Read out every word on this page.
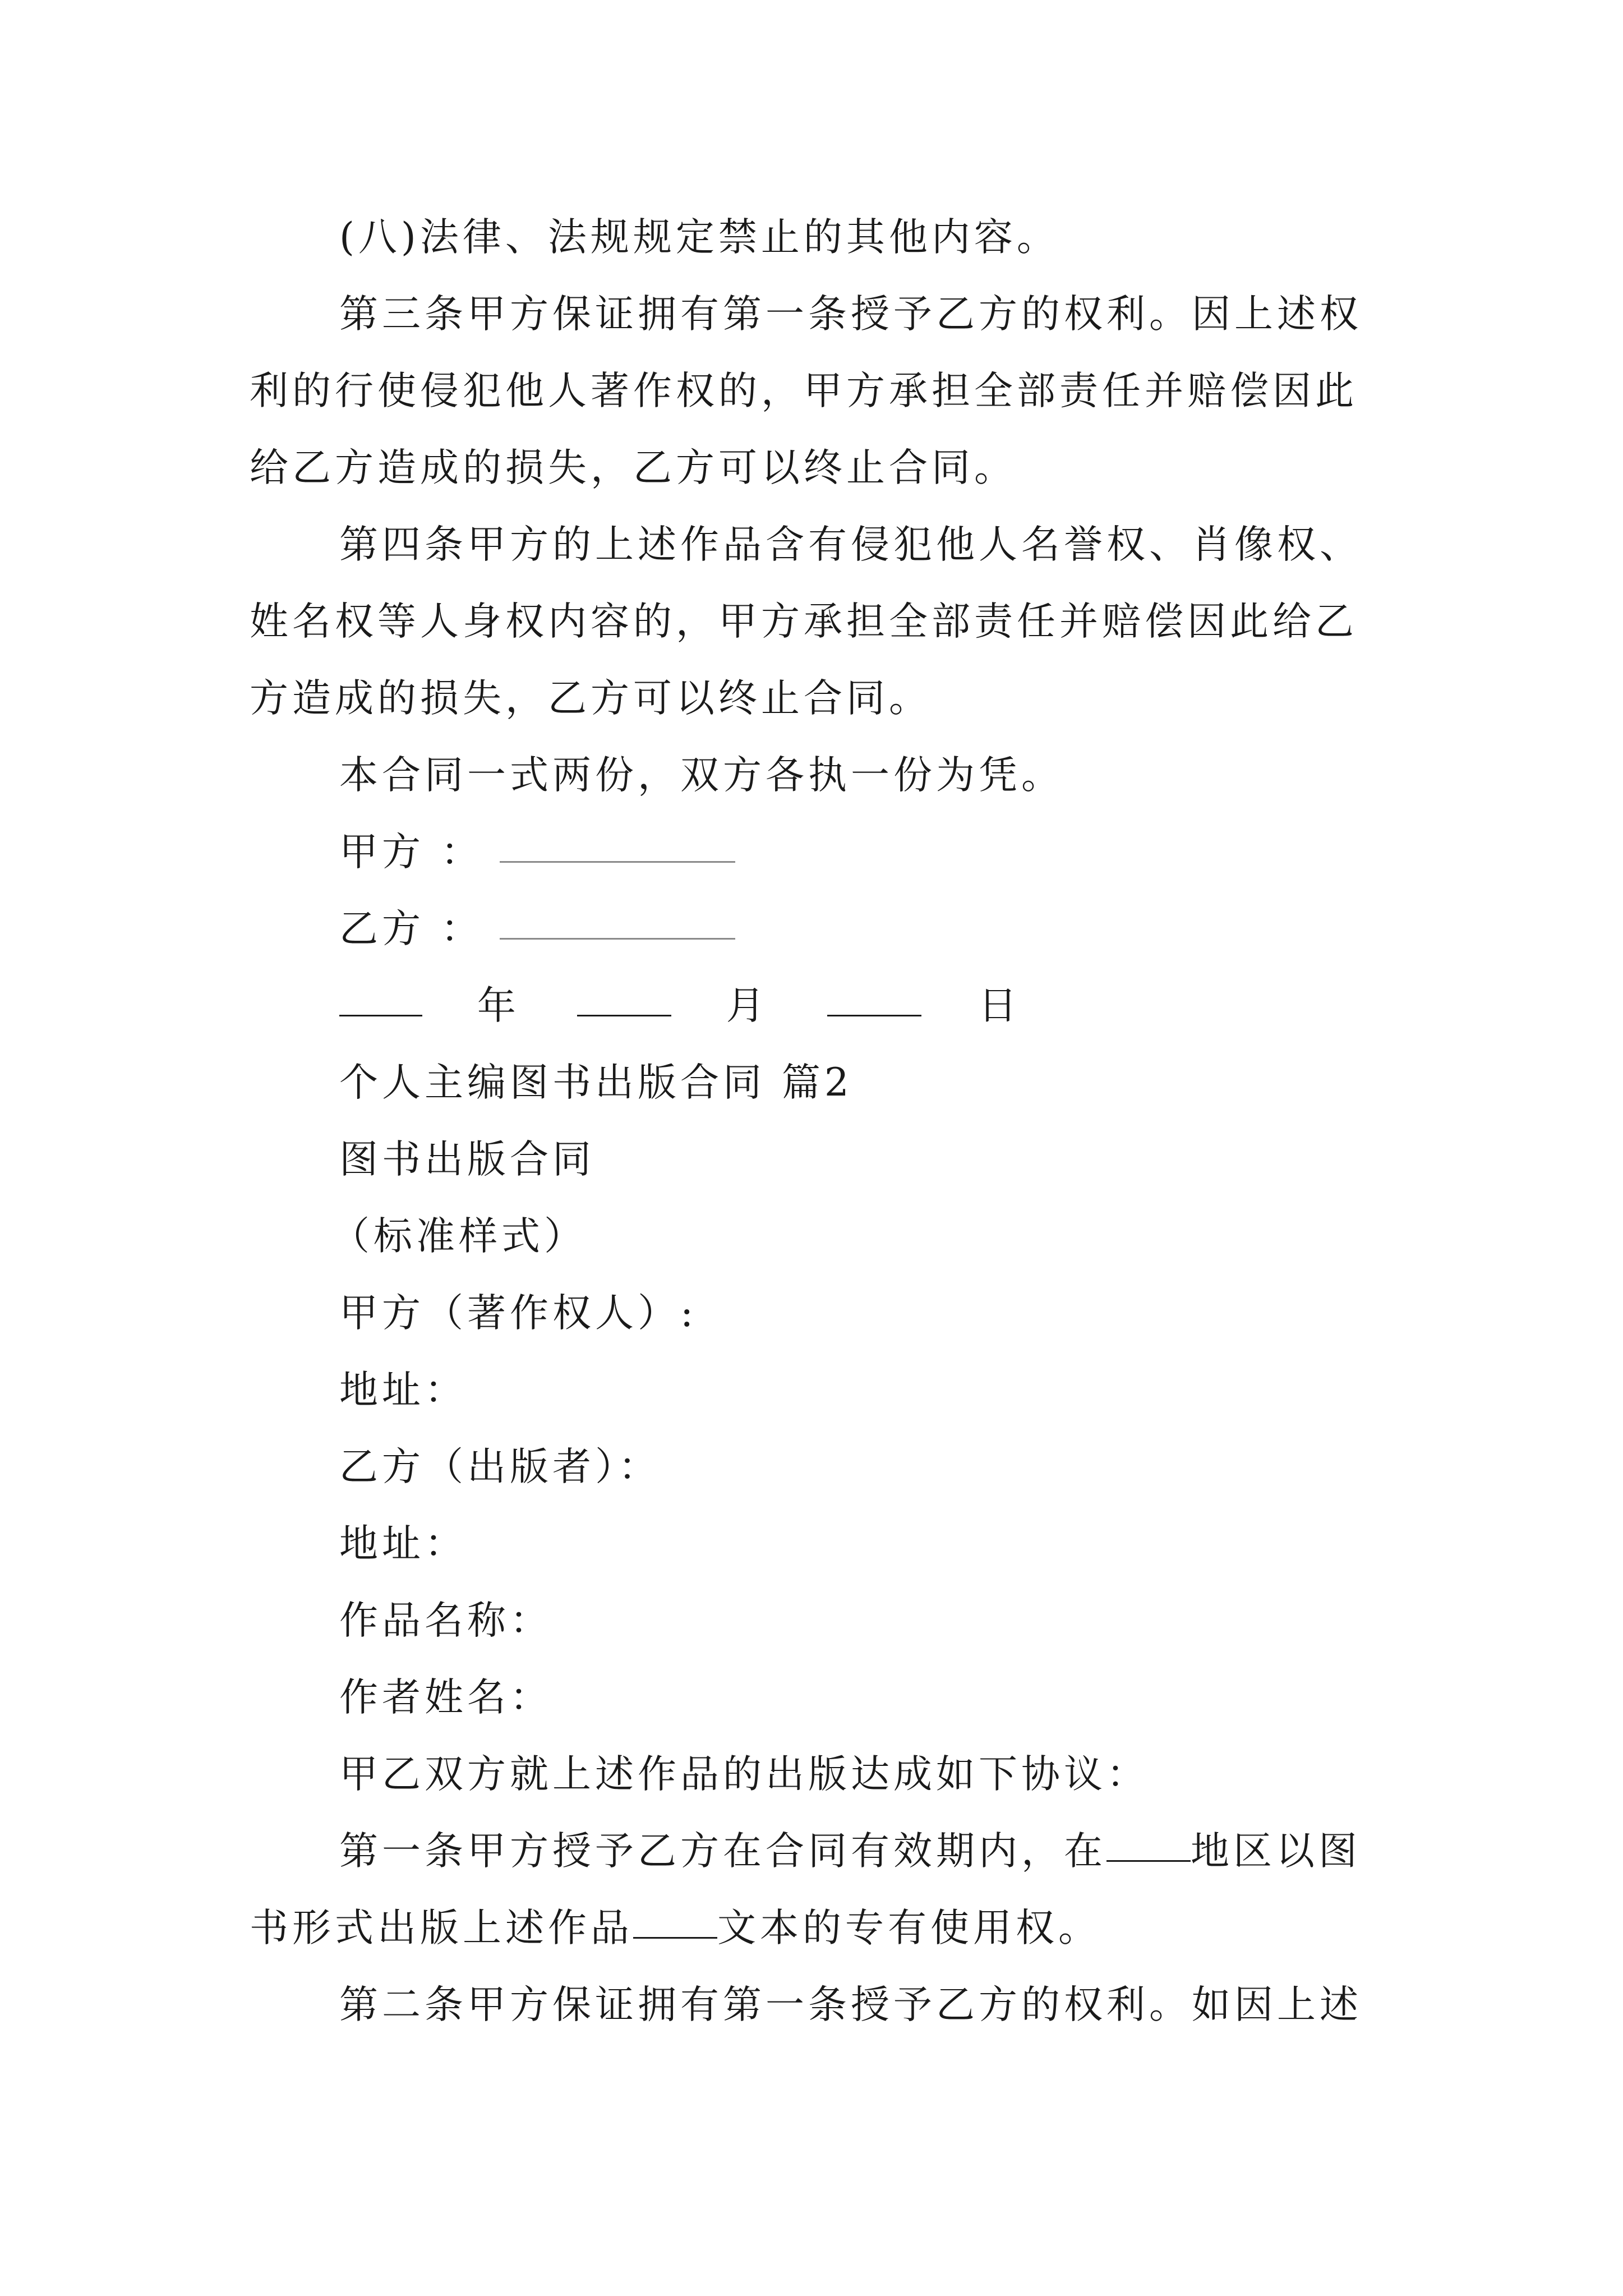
(八)法律、法规规定禁止的其他内容。
第三条甲方保证拥有第一条授予乙方的权利。因上述权
利的行使侵犯他人著作权的，甲方承担全部责任并赔偿因此
给乙方造成的损失，乙方可以终止合同。
第四条甲方的上述作品含有侵犯他人名誉权、肖像权、
姓名权等人身权内容的，甲方承担全部责任并赔偿因此给乙
方造成的损失，乙方可以终止合同。
本合同一式两份，双方各执一份为凭。
甲方 ：
乙方 ：
年	月	日
个人主编图书出版合同 篇2
图书出版合同
（标准样式）
甲方（著作权人）:
地址：
乙方（出版者）：
地址：
作品名称：
作者姓名：
甲乙双方就上述作品的出版达成如下协议：
第一条甲方授予乙方在合同有效期内，在 地区以图
书形式出版上述作品 文本的专有使用权。
第二条甲方保证拥有第一条授予乙方的权利。如因上述
